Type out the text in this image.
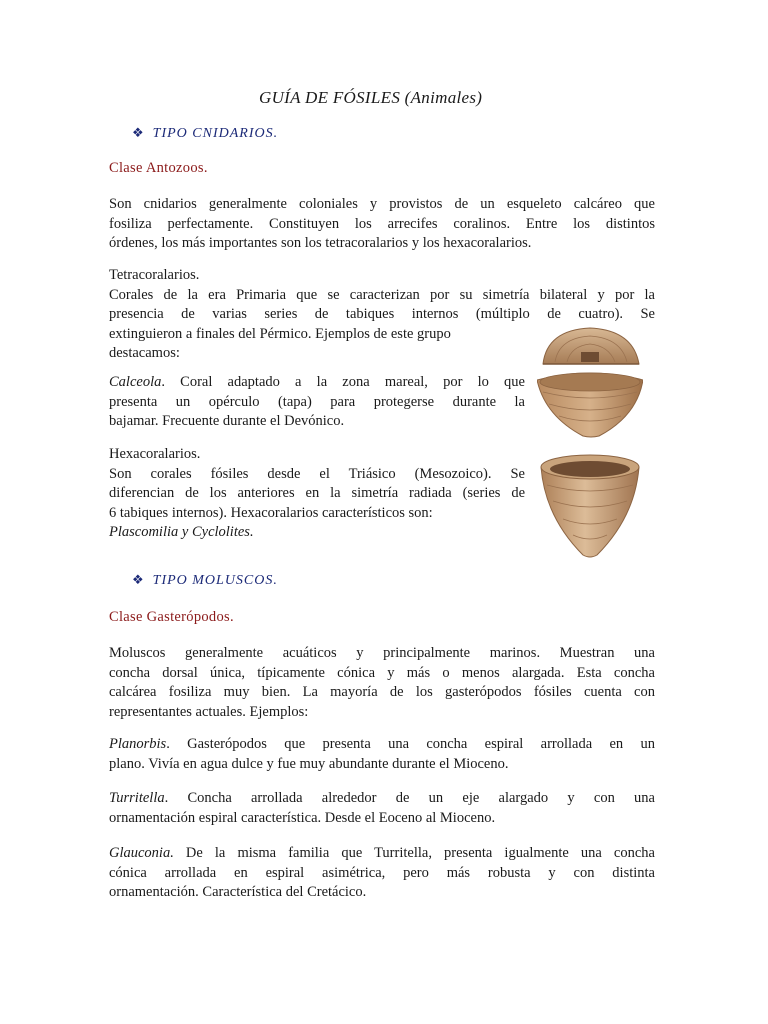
GUÍA DE FÓSILES (Animales)
❖ TIPO CNIDARIOS.
Clase Antozoos.
Son cnidarios generalmente coloniales y provistos de un esqueleto calcáreo que
fosiliza perfectamente. Constituyen los arrecifes coralinos. Entre los distintos
órdenes, los más importantes son los tetracoralarios y los hexacoralarios.
Tetracoralarios.
Corales de la era Primaria que se caracterizan por su simetría bilateral y por la
presencia de varias series de tabiques internos (múltiplo de cuatro). Se
extinguieron a finales del Pérmico. Ejemplos de este grupo
destacamos:
Calceola. Coral adaptado a la zona mareal, por lo que
presenta un opérculo (tapa) para protegerse durante la
bajamar. Frecuente durante el Devónico.
Hexacoralarios.
Son corales fósiles desde el Triásico (Mesozoico). Se
diferencian de los anteriores en la simetría radiada (series de
6 tabiques internos). Hexacoralarios característicos son:
Plascomilia y Cyclolites.
❖ TIPO MOLUSCOS.
Clase Gasterópodos.
Moluscos generalmente acuáticos y principalmente marinos. Muestran una
concha dorsal única, típicamente cónica y más o menos alargada. Esta concha
calcárea fosiliza muy bien. La mayoría de los gasterópodos fósiles cuenta con
representantes actuales. Ejemplos:
Planorbis. Gasterópodos que presenta una concha espiral arrollada en un
plano. Vivía en agua dulce y fue muy abundante durante el Mioceno.
Turritella. Concha arrollada alrededor de un eje alargado y con una
ornamentación espiral característica. Desde el Eoceno al Mioceno.
Glauconia. De la misma familia que Turritella, presenta igualmente una concha
cónica arrollada en espiral asimétrica, pero más robusta y con distinta
ornamentación. Característica del Cretácico.
